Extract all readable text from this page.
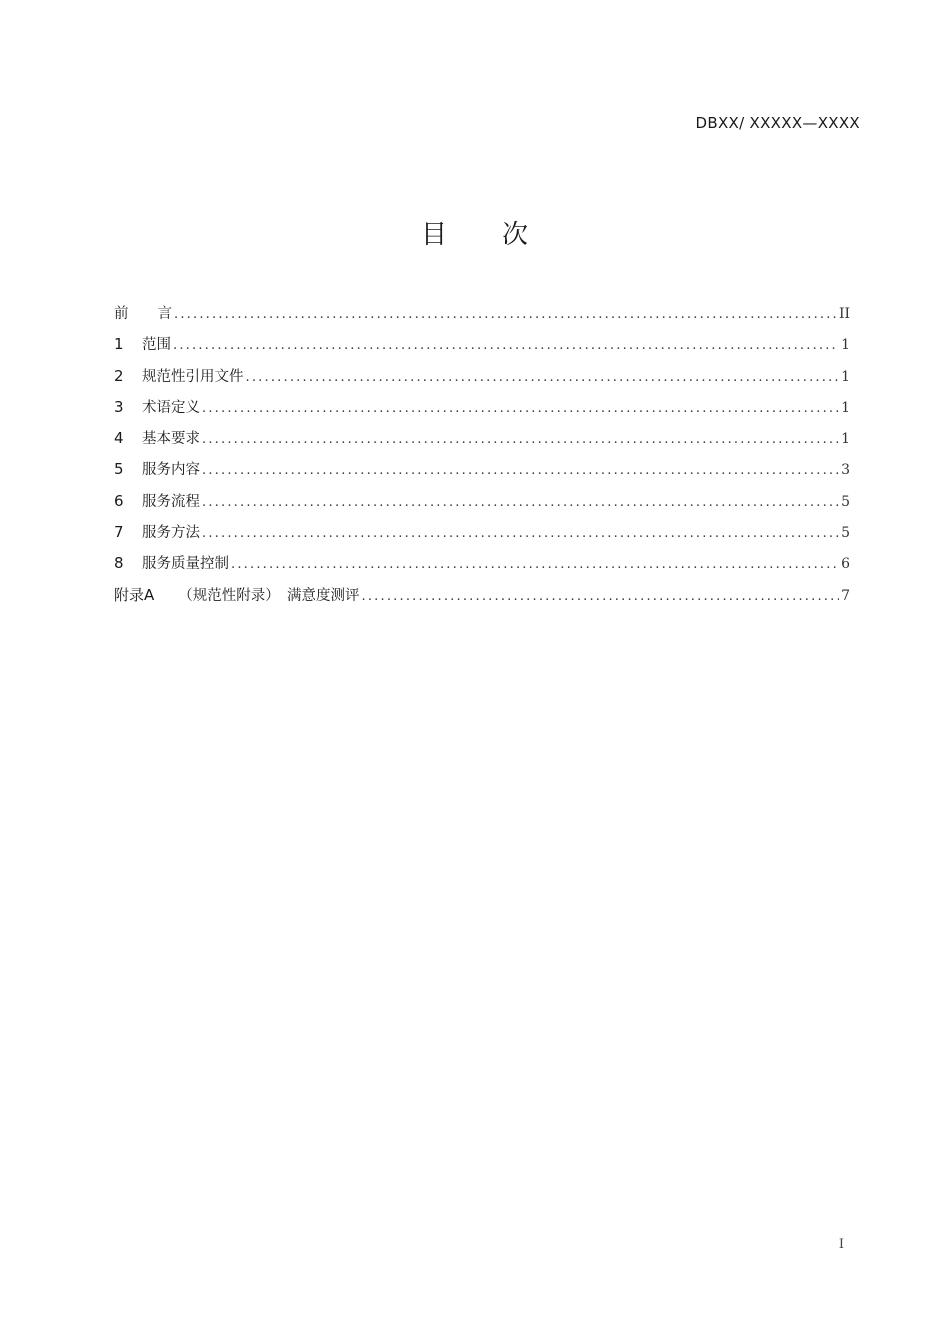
DBXX/ XXXXX—XXXX
目　　次
前　　言 .....	II
1	范围 .....	1
2	规范性引用文件 .....	1
3	术语定义 .....	1
4	基本要求 .....	1
5	服务内容 .....	3
6	服务流程 .....	5
7	服务方法 .....	5
8	服务质量控制 .....	6
附录A	（规范性附录）　满意度测评 .....	7
I
